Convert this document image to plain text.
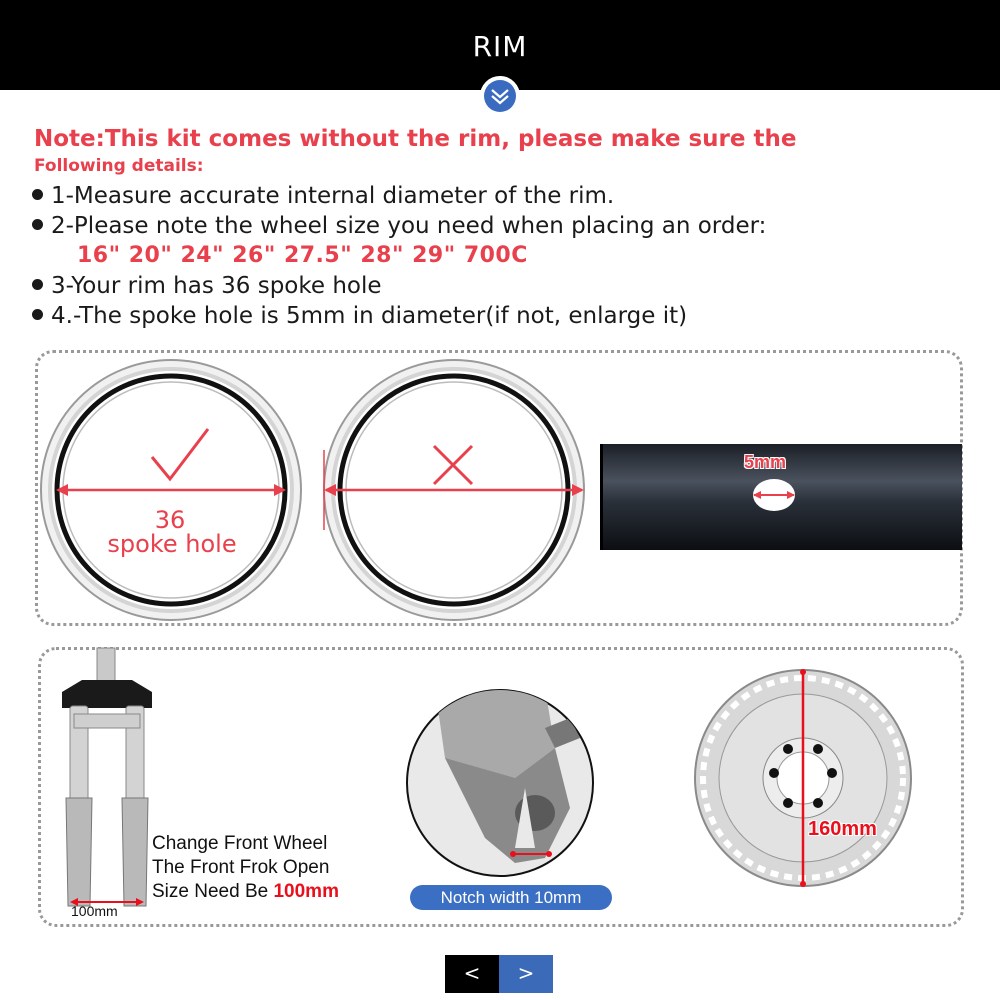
RIM
Note:This kit comes without the rim, please make sure the
Following details:
1-Measure accurate internal diameter of the rim.
2-Please note the wheel size you need when placing an order:
16" 20" 24" 26" 27.5" 28" 29" 700C
3-Your rim has 36 spoke hole
4.-The spoke hole is 5mm in diameter(if not, enlarge it)
36
spoke hole
5mm
100mm
Change Front Wheel
The Front Frok Open
Size Need Be 100mm	Notch width 10mm
160mm
<	>
